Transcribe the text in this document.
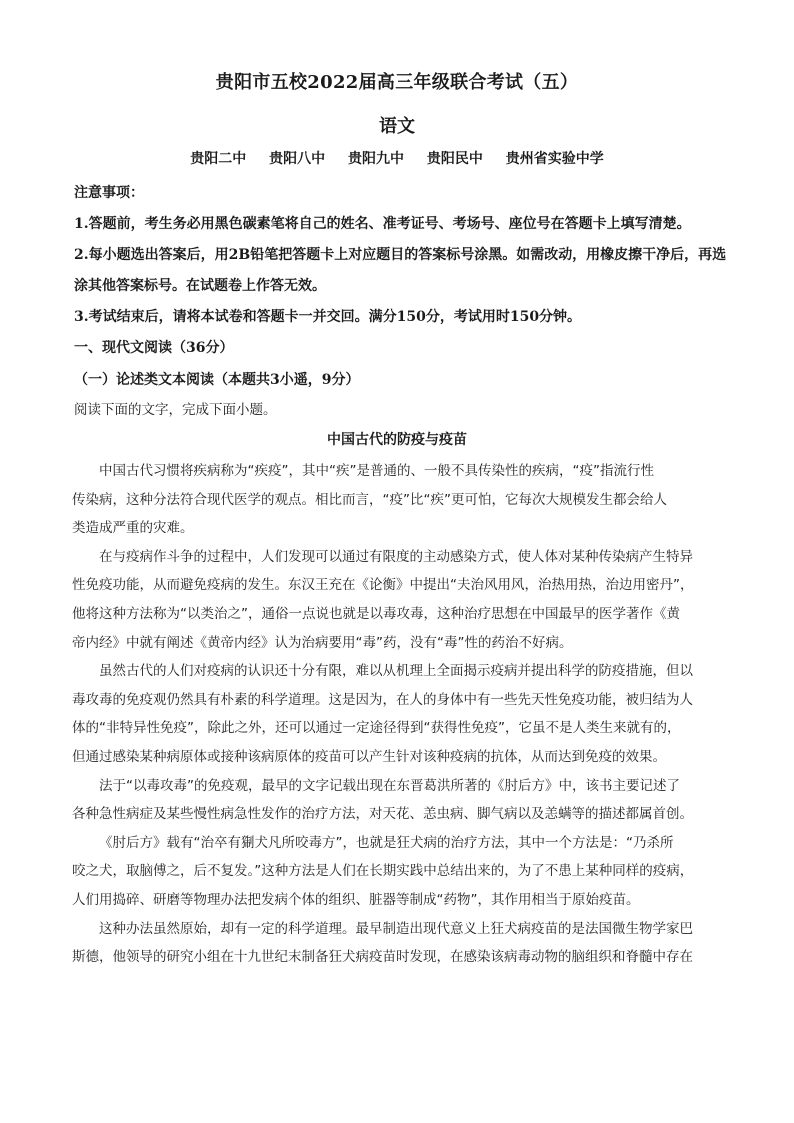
贵阳市五校2022届高三年级联合考试（五）
语文
贵阳二中 贵阳八中 贵阳九中 贵阳民中 贵州省实验中学
注意事项：
1.答题前，考生务必用黑色碳素笔将自己的姓名、准考证号、考场号、座位号在答题卡上填写清楚。
2.每小题选出答案后，用2B铅笔把答题卡上对应题目的答案标号涂黑。如需改动，用橡皮擦干净后，再选
涂其他答案标号。在试题卷上作答无效。
3.考试结束后，请将本试卷和答题卡一并交回。满分150分，考试用时150分钟。
一、现代文阅读（36分）
（一）论述类文本阅读（本题共3小遥，9分）
阅读下面的文字，完成下面小题。
中国古代的防疫与疫苗

中国古代习惯将疾病称为“疾疫”，其中“疾”是普通的、一般不具传染性的疾病，“疫”指流行性
传染病，这种分法符合现代医学的观点。相比而言，“疫”比“疾”更可怕，它每次大规模发生都会给人
类造成严重的灾难。

在与疫病作斗争的过程中，人们发现可以通过有限度的主动感染方式，使人体对某种传染病产生特异
性免疫功能，从而避免疫病的发生。东汉王充在《论衡》中提出“夫治风用风，治热用热，治边用密丹”，
他将这种方法称为“以类治之”，通俗一点说也就是以毒攻毒，这种治疗思想在中国最早的医学著作《黄
帝内经》中就有阐述《黄帝内经》认为治病要用“毒”药，没有“毒”性的药治不好病。

虽然古代的人们对疫病的认识还十分有限，难以从机理上全面揭示疫病并提出科学的防疫措施，但以
毒攻毒的免疫观仍然具有朴素的科学道理。这是因为，在人的身体中有一些先天性免疫功能，被归结为人
体的“非特异性免疫”，除此之外，还可以通过一定途径得到“获得性免疫”，它虽不是人类生来就有的，
但通过感染某种病原体或接种该病原体的疫苗可以产生针对该种疫病的抗体，从而达到免疫的效果。

法于“以毒攻毒”的免疫观，最早的文字记载出现在东晋葛洪所著的《肘后方》中，该书主要记述了
各种急性病症及某些慢性病急性发作的治疗方法，对天花、恙虫病、脚气病以及恙螨等的描述都属首创。

《肘后方》载有“治卒有猘犬凡所咬毒方”，也就是狂犬病的治疗方法，其中一个方法是：“乃杀所
咬之犬，取脑傅之，后不复发。”这种方法是人们在长期实践中总结出来的，为了不患上某种同样的疫病，
人们用捣碎、研磨等物理办法把发病个体的组织、脏器等制成“药物”，其作用相当于原始疫苗。

这种办法虽然原始，却有一定的科学道理。最早制造出现代意义上狂犬病疫苗的是法国微生物学家巴
斯德，他领导的研究小组在十九世纪末制备狂犬病疫苗时发现，在感染该病毒动物的脑组织和脊髓中存在
